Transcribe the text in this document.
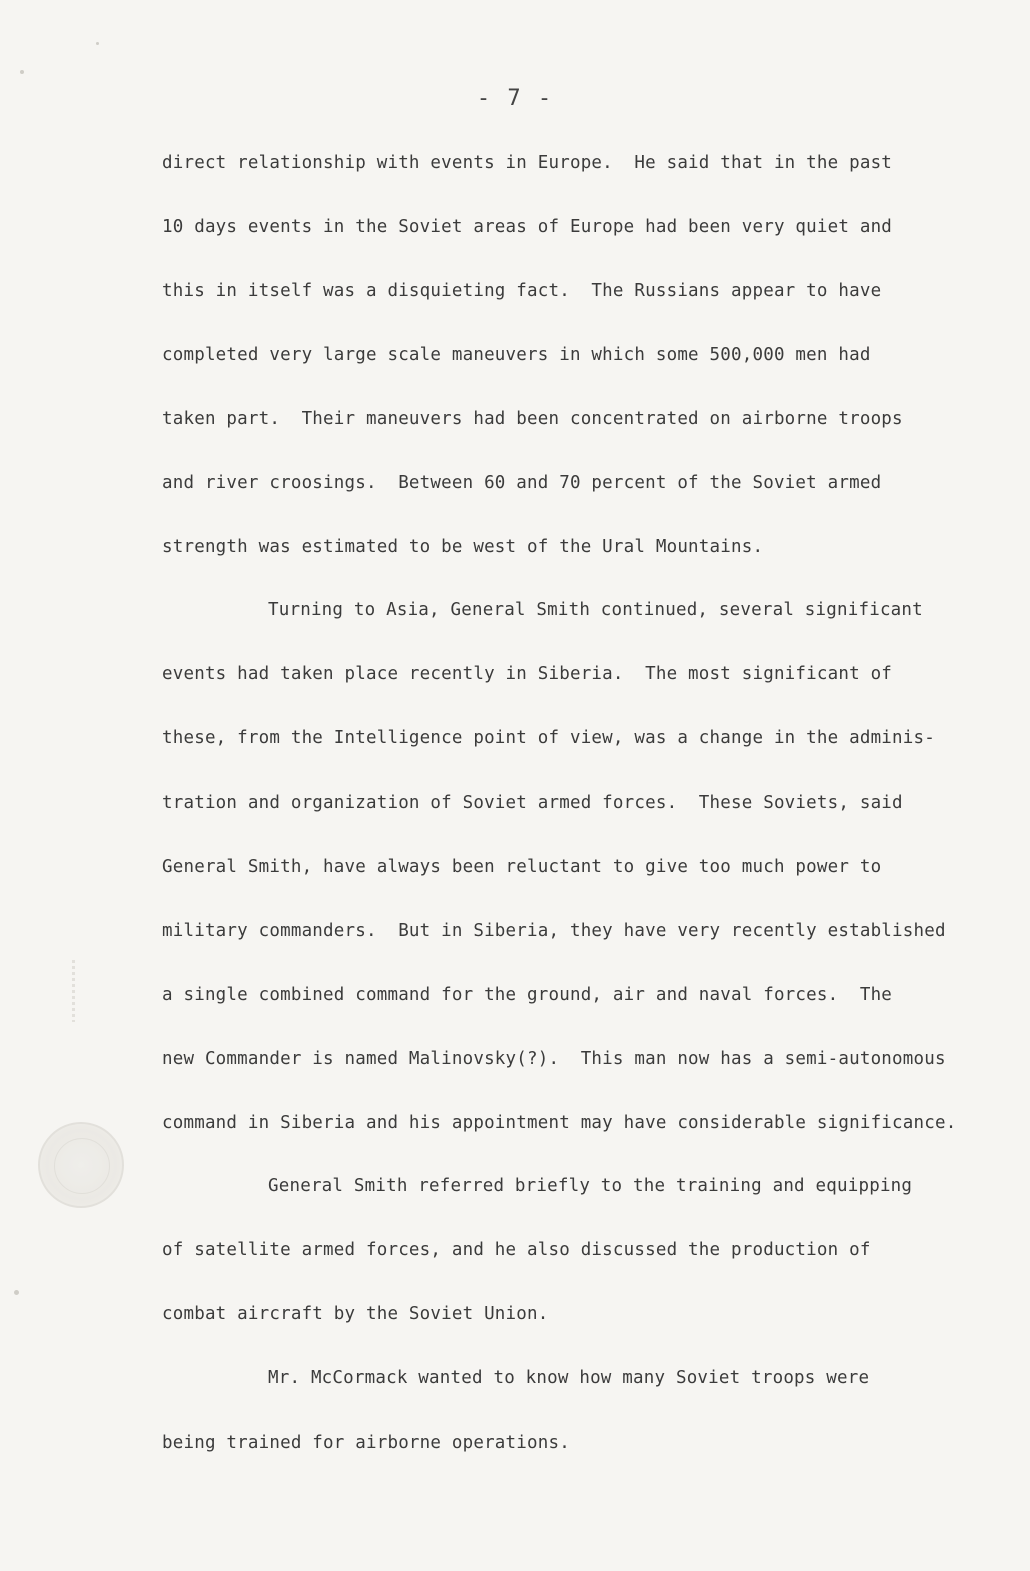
- 7 -
direct relationship with events in Europe.  He said that in the past
10 days events in the Soviet areas of Europe had been very quiet and
this in itself was a disquieting fact.  The Russians appear to have
completed very large scale maneuvers in which some 500,000 men had
taken part.  Their maneuvers had been concentrated on airborne troops
and river croosings.  Between 60 and 70 percent of the Soviet armed
strength was estimated to be west of the Ural Mountains.
Turning to Asia, General Smith continued, several significant
events had taken place recently in Siberia.  The most significant of
these, from the Intelligence point of view, was a change in the adminis-
tration and organization of Soviet armed forces.  These Soviets, said
General Smith, have always been reluctant to give too much power to
military commanders.  But in Siberia, they have very recently established
a single combined command for the ground, air and naval forces.  The
new Commander is named Malinovsky(?).  This man now has a semi-autonomous
command in Siberia and his appointment may have considerable significance.
General Smith referred briefly to the training and equipping
of satellite armed forces, and he also discussed the production of
combat aircraft by the Soviet Union.
Mr. McCormack wanted to know how many Soviet troops were
being trained for airborne operations.
